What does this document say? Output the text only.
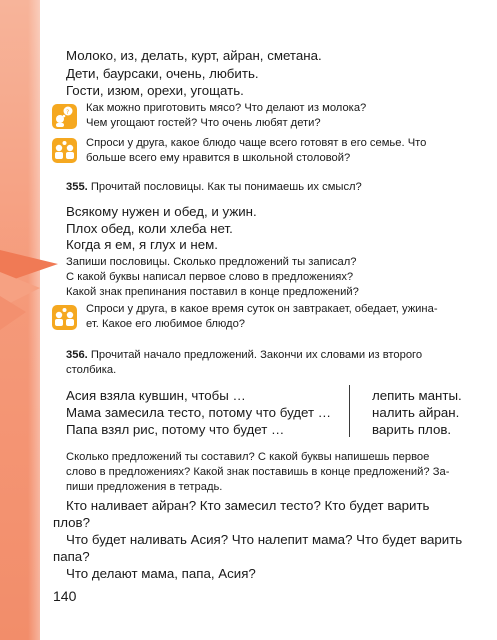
Молоко, из, делать, курт, айран, сметана.
Дети, баурсаки, очень, любить.
Гости, изюм, орехи, угощать.
? Как можно приготовить мясо? Что делают из молока?
Чем угощают гостей? Что очень любят дети?
Спроси у друга, какое блюдо чаще всего готовят в его семье. Что
больше всего ему нравится в школьной столовой?
355. Прочитай пословицы. Как ты понимаешь их смысл?
Всякому нужен и обед, и ужин.
Плох обед, коли хлеба нет.
Когда я ем, я глух и нем.
Запиши пословицы. Сколько предложений ты записал?
С какой буквы написал первое слово в предложениях?
Какой знак препинания поставил в конце предложений?
Спроси у друга, в какое время суток он завтракает, обедает, ужина-
ет. Какое его любимое блюдо?
356. Прочитай начало предложений. Закончи их словами из второго
столбика.
Асия взяла кувшин, чтобы …
Мама замесила тесто, потому что будет …
Папа взял рис, потому что будет …
лепить манты.
налить айран.
варить плов.
Сколько предложений ты составил? С какой буквы напишешь первое
слово в предложениях? Какой знак поставишь в конце предложений? За-
пиши предложения в тетрадь.
Кто наливает айран? Кто замесил тесто? Кто будет варить
плов?
Что будет наливать Асия? Что налепит мама? Что будет варить
папа?
Что делают мама, папа, Асия?
140
